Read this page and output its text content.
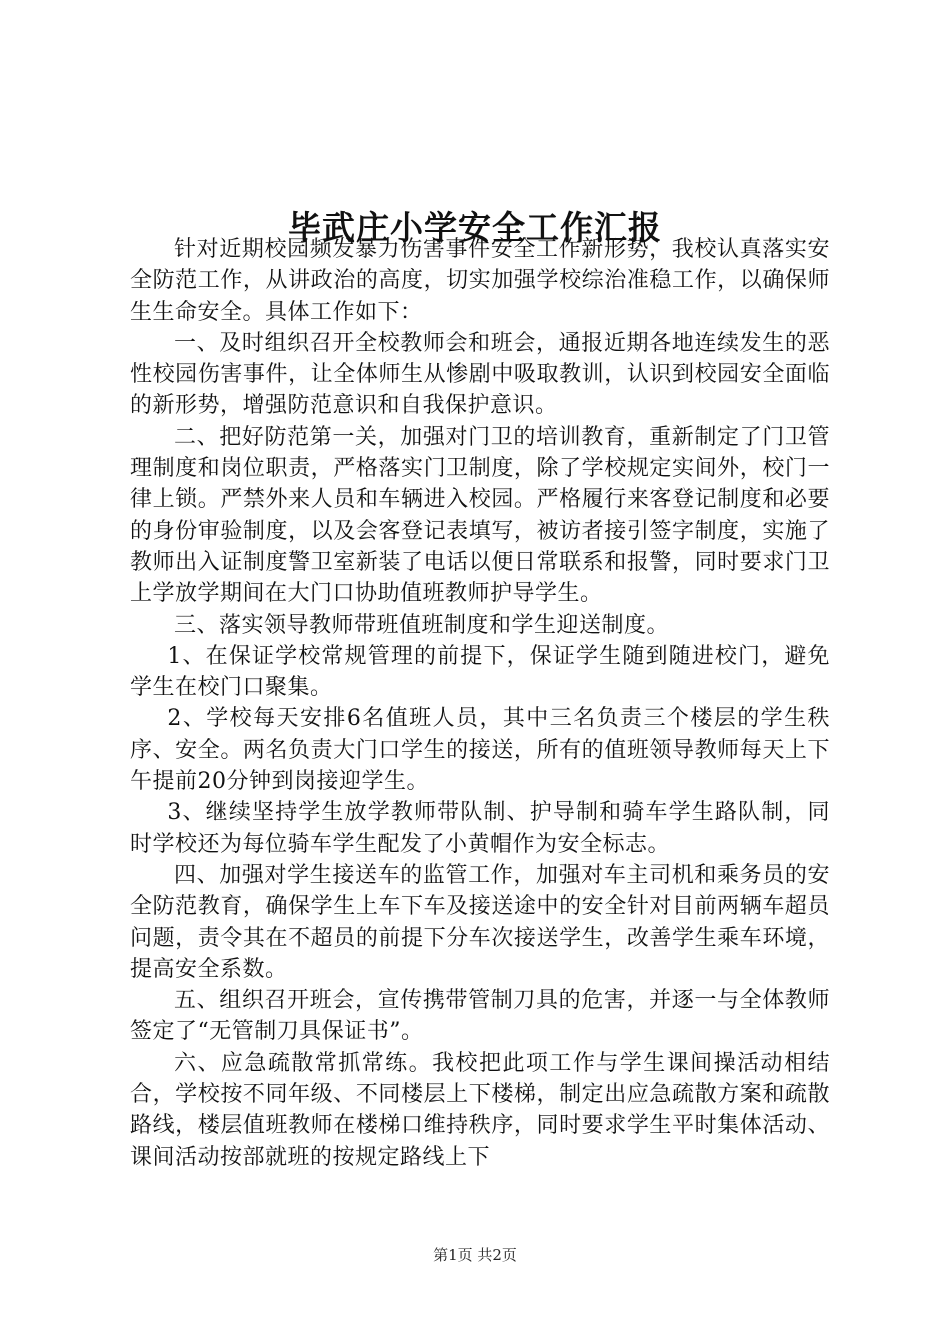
毕武庄小学安全工作汇报

针对近期校园频发暴力伤害事件安全工作新形势，我校认真落实安全防范工作，从讲政治的高度，切实加强学校综治准稳工作，以确保师生生命安全。具体工作如下：

一、及时组织召开全校教师会和班会，通报近期各地连续发生的恶性校园伤害事件，让全体师生从惨剧中吸取教训，认识到校园安全面临的新形势，增强防范意识和自我保护意识。

二、把好防范第一关，加强对门卫的培训教育，重新制定了门卫管理制度和岗位职责，严格落实门卫制度，除了学校规定实间外，校门一律上锁。严禁外来人员和车辆进入校园。严格履行来客登记制度和必要的身份审验制度，以及会客登记表填写，被访者接引签字制度，实施了教师出入证制度警卫室新装了电话以便日常联系和报警，同时要求门卫上学放学期间在大门口协助值班教师护导学生。

三、落实领导教师带班值班制度和学生迎送制度。

1、在保证学校常规管理的前提下，保证学生随到随进校门，避免学生在校门口聚集。

2、学校每天安排6名值班人员，其中三名负责三个楼层的学生秩序、安全。两名负责大门口学生的接送，所有的值班领导教师每天上下午提前20分钟到岗接迎学生。

3、继续坚持学生放学教师带队制、护导制和骑车学生路队制，同时学校还为每位骑车学生配发了小黄帽作为安全标志。

四、加强对学生接送车的监管工作，加强对车主司机和乘务员的安全防范教育，确保学生上车下车及接送途中的安全针对目前两辆车超员问题，责令其在不超员的前提下分车次接送学生，改善学生乘车环境，提高安全系数。

五、组织召开班会，宣传携带管制刀具的危害，并逐一与全体教师签定了“无管制刀具保证书”。

六、应急疏散常抓常练。我校把此项工作与学生课间操活动相结合，学校按不同年级、不同楼层上下楼梯，制定出应急疏散方案和疏散路线，楼层值班教师在楼梯口维持秩序，同时要求学生平时集体活动、课间活动按部就班的按规定路线上下

第1页 共2页
